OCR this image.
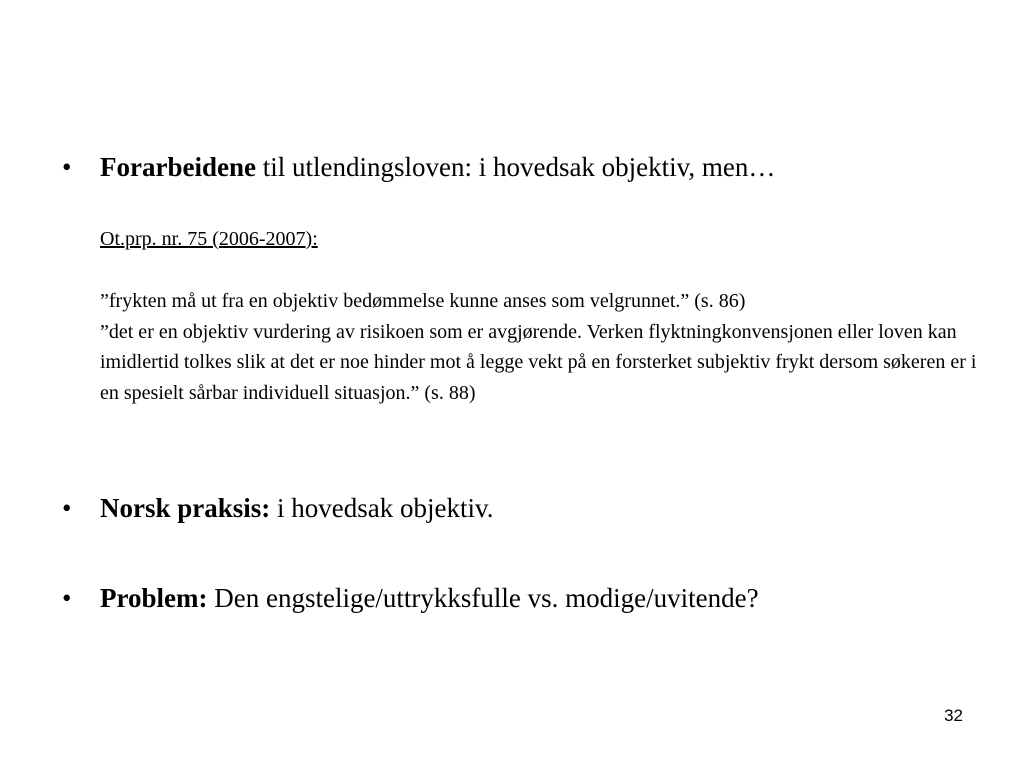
• Forarbeidene til utlendingsloven: i hovedsak objektiv, men…
Ot.prp. nr. 75 (2006-2007):

”frykten må ut fra en objektiv bedømmelse kunne anses som velgrunnet.” (s. 86)

”det er en objektiv vurdering av risikoen som er avgjørende. Verken flyktningkonvensjonen eller loven kan imidlertid tolkes slik at det er noe hinder mot å legge vekt på en forsterket subjektiv frykt dersom søkeren er i en spesielt sårbar individuell situasjon.” (s. 88)

• Norsk praksis: i hovedsak objektiv.
• Problem: Den engstelige/uttrykksfulle vs. modige/uvitende?
32
